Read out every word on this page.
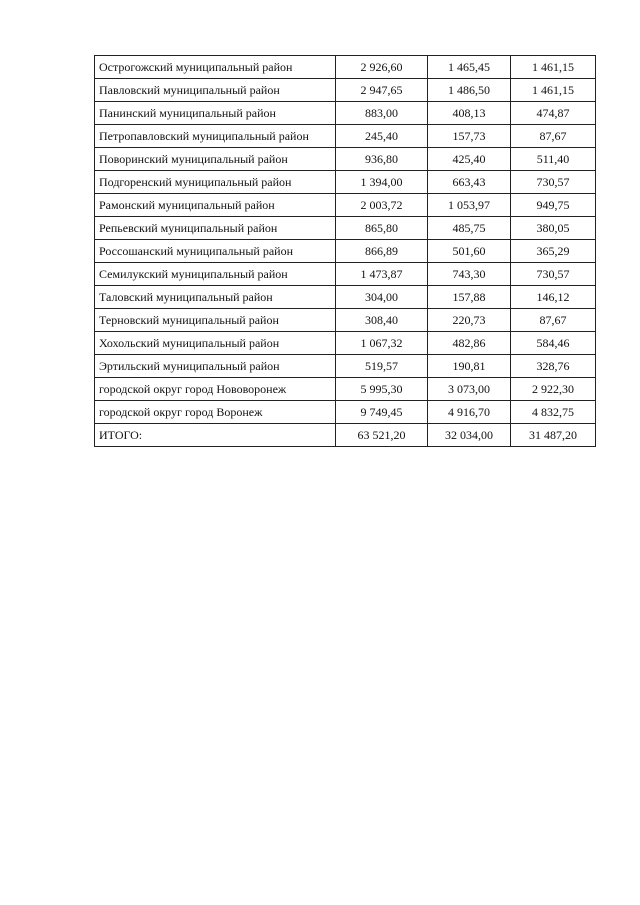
Острогожский муниципальный район	2 926,60	1 465,45	1 461,15
Павловский муниципальный район	2 947,65	1 486,50	1 461,15
Панинский муниципальный район	883,00	408,13	474,87
Петропавловский муниципальный район	245,40	157,73	87,67
Поворинский муниципальный район	936,80	425,40	511,40
Подгоренский муниципальный район	1 394,00	663,43	730,57
Рамонский муниципальный район	2 003,72	1 053,97	949,75
Репьевский муниципальный район	865,80	485,75	380,05
Россошанский муниципальный район	866,89	501,60	365,29
Семилукский муниципальный район	1 473,87	743,30	730,57
Таловский муниципальный район	304,00	157,88	146,12
Терновский муниципальный район	308,40	220,73	87,67
Хохольский муниципальный район	1 067,32	482,86	584,46
Эртильский муниципальный район	519,57	190,81	328,76
городской округ город Нововоронеж	5 995,30	3 073,00	2 922,30
городской округ город Воронеж	9 749,45	4 916,70	4 832,75
ИТОГО:	63 521,20	32 034,00	31 487,20
